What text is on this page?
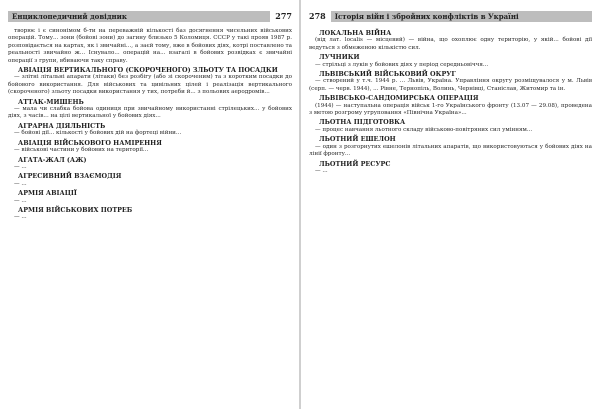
Енциклопедичний довідник	277

творює і є синонімом б-ти на переважній кількості баз досягнення чисельних військових операцій. Тому... зони (бойові зони) до загину близько 5 Коломиця. СССР у такі прояв 1987 р. розповідається на картах, як і звичайні..., а заєй тому, вже в бойових діях, котрі поставлено та реальності звичайно ж... Існувало... операцій на... взагалі в бойових розвідках є звичайні операції з групи, вбиваючи таку справу.

АВІАЦІЯ ВЕРТИКАЛЬНОГО (СКОРОЧЕНОГО) ЗЛЬОТУ ТА ПОСАДКИ

— злітні літальні апарати (літаки) без розбігу (або зі скороченим) та з коротким посадки до бойового використання. Для військових та цивільних цілей і реалізація вертикального (скороченого) зльоту посадки використання у тих, потреби й... з польових аеродромів...

АТТАК-МИШЕНЬ

— мала чи слабка бойова одиниця при звичайному використанні стрілецьких... у бойових діях, з часів... на цілі вертикальної у бойових діях...

АГРАРНА ДІЯЛЬНІСТЬ

— бойові дії... кількості у бойових дій на фортеці війни...

АВІАЦІЯ ВІЙСЬКОВОГО НАМІРЕННЯ

— військові частини у бойових на території...

АГАТА-ЖАЛ (АЖ)

— ...

АГРЕСИВНИЙ ВЗАЄМОДІЯ

— ...

АРМІЯ АВІАЦІЇ

— ...

АРМІЯ ВІЙСЬКОВИХ ПОТРЕБ

— ...

278	Історія війн і збройних конфліктів в Україні
ЛОКАЛЬНА ВІЙНА

(від лат. localis — місцевий) — війна, що охоплює одну територію, у якій... бойові дії ведуться з обмеженою кількістю сил.

ЛУЧНИКИ

— стрільці з луків у бойових діях у період середньовіччя...

ЛЬВІВСЬКИЙ ВІЙСЬКОВИЙ ОКРУГ

— створений у т.ч. 1944 р. ... Львів, Україна. Управління округу розміщувалося у м. Львів (серп. — черв. 1944), ... Рівне, Тернопіль, Волинь, Чернівці, Станіслав, Житомир та ін.

ЛЬВІВСЬКО-САНДОМИРСЬКА ОПЕРАЦІЯ

(1944) — наступальна операція військ 1-го Українського фронту (13.07 — 29.08), проведена з метою розгрому угруповання «Північна Україна»...

ЛЬОТНА ПІДГОТОВКА

— процес навчання льотного складу військово-повітряних сил умінням...

ЛЬОТНИЙ ЕШЕЛОН

— один з розгорнутих ешелонів літальних апаратів, що використовуються у бойових діях на лінії фронту...

ЛЬОТНИЙ РЕСУРС

— ...
